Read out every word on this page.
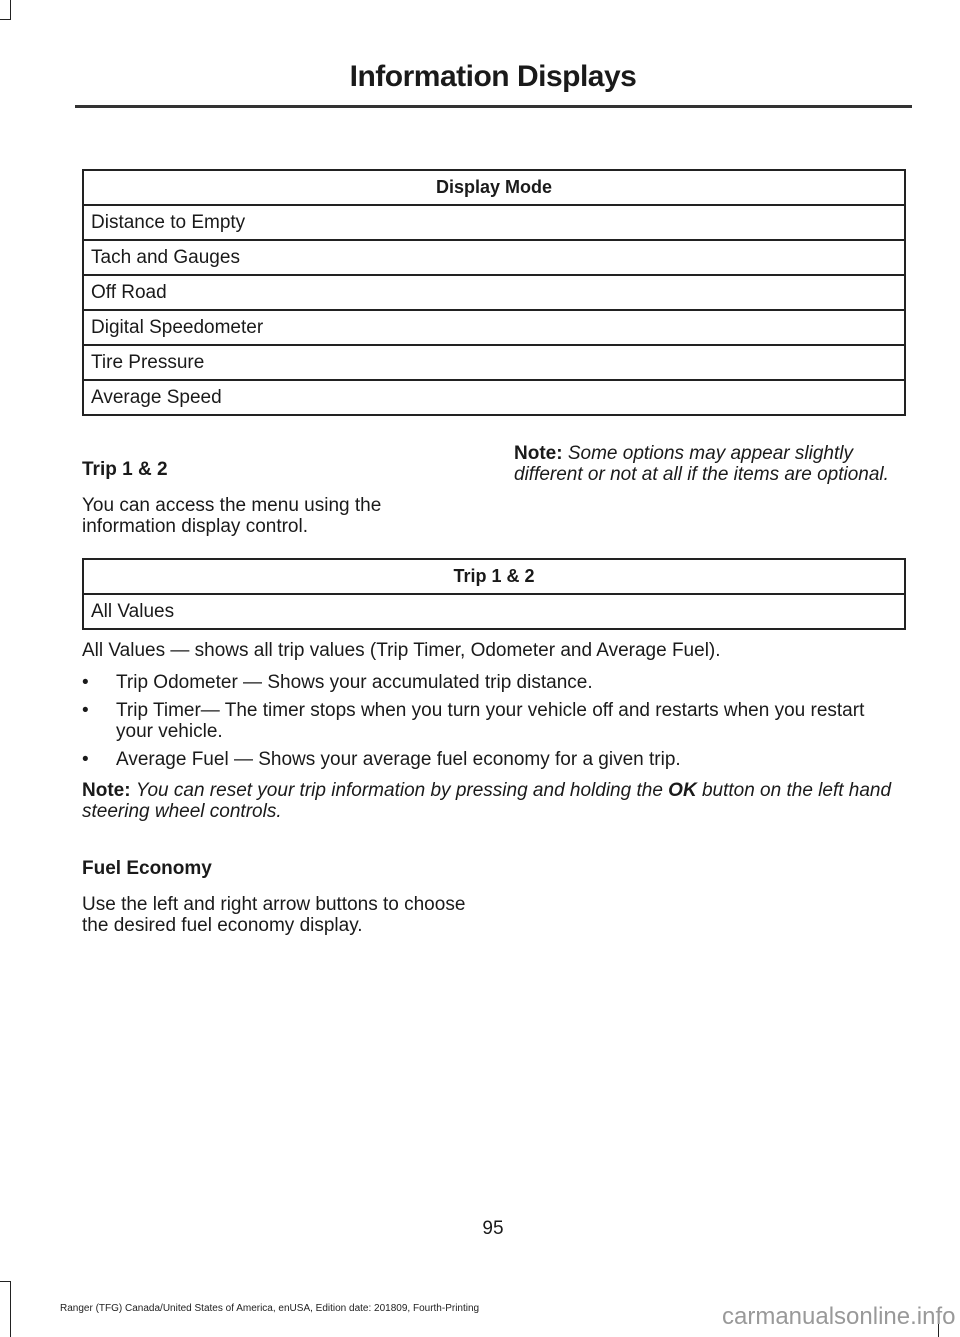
Information Displays
Display Mode
Distance to Empty
Tach and Gauges
Off Road
Digital Speedometer
Tire Pressure
Average Speed
Trip 1 & 2

You can access the menu using the information display control.

Note: Some options may appear slightly different or not at all if the items are optional.

Trip 1 & 2
All Values

All Values — shows all trip values (Trip Timer, Odometer and Average Fuel).

• Trip Odometer — Shows your accumulated trip distance.
• Trip Timer— The timer stops when you turn your vehicle off and restarts when you restart your vehicle.
• Average Fuel — Shows your average fuel economy for a given trip.

Note: You can reset your trip information by pressing and holding the OK button on the left hand steering wheel controls.

Fuel Economy

Use the left and right arrow buttons to choose the desired fuel economy display.

95
Ranger (TFG) Canada/United States of America, enUSA, Edition date: 201809, Fourth-Printing	carmanualsonline.info
